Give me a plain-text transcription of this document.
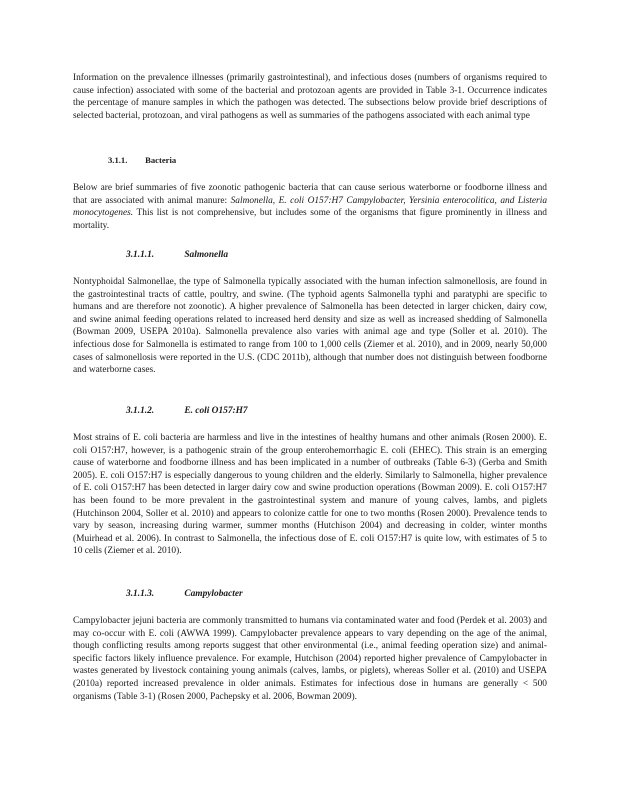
Information on the prevalence illnesses (primarily gastrointestinal), and infectious doses (numbers of organisms required to cause infection) associated with some of the bacterial and protozoan agents are provided in Table 3-1. Occurrence indicates the percentage of manure samples in which the pathogen was detected. The subsections below provide brief descriptions of selected bacterial, protozoan, and viral pathogens as well as summaries of the pathogens associated with each animal type

3.1.1. Bacteria

Below are brief summaries of five zoonotic pathogenic bacteria that can cause serious waterborne or foodborne illness and that are associated with animal manure: Salmonella, E. coli O157:H7 Campylobacter, Yersinia enterocolitica, and Listeria monocytogenes. This list is not comprehensive, but includes some of the organisms that figure prominently in illness and mortality.

3.1.1.1.	Salmonella

Nontyphoidal Salmonellae, the type of Salmonella typically associated with the human infection salmonellosis, are found in the gastrointestinal tracts of cattle, poultry, and swine. (The typhoid agents Salmonella typhi and paratyphi are specific to humans and are therefore not zoonotic). A higher prevalence of Salmonella has been detected in larger chicken, dairy cow, and swine animal feeding operations related to increased herd density and size as well as increased shedding of Salmonella (Bowman 2009, USEPA 2010a). Salmonella prevalence also varies with animal age and type (Soller et al. 2010). The infectious dose for Salmonella is estimated to range from 100 to 1,000 cells (Ziemer et al. 2010), and in 2009, nearly 50,000 cases of salmonellosis were reported in the U.S. (CDC 2011b), although that number does not distinguish between foodborne and waterborne cases.

3.1.1.2.	E. coli O157:H7

Most strains of E. coli bacteria are harmless and live in the intestines of healthy humans and other animals (Rosen 2000). E. coli O157:H7, however, is a pathogenic strain of the group enterohemorrhagic E. coli (EHEC). This strain is an emerging cause of waterborne and foodborne illness and has been implicated in a number of outbreaks (Table 6-3) (Gerba and Smith 2005). E. coli O157:H7 is especially dangerous to young children and the elderly. Similarly to Salmonella, higher prevalence of E. coli O157:H7 has been detected in larger dairy cow and swine production operations (Bowman 2009). E. coli O157:H7 has been found to be more prevalent in the gastrointestinal system and manure of young calves, lambs, and piglets (Hutchinson 2004, Soller et al. 2010) and appears to colonize cattle for one to two months (Rosen 2000). Prevalence tends to vary by season, increasing during warmer, summer months (Hutchison 2004) and decreasing in colder, winter months (Muirhead et al. 2006). In contrast to Salmonella, the infectious dose of E. coli O157:H7 is quite low, with estimates of 5 to 10 cells (Ziemer et al. 2010).

3.1.1.3.	Campylobacter

Campylobacter jejuni bacteria are commonly transmitted to humans via contaminated water and food (Perdek et al. 2003) and may co-occur with E. coli (AWWA 1999). Campylobacter prevalence appears to vary depending on the age of the animal, though conflicting results among reports suggest that other environmental (i.e., animal feeding operation size) and animal-specific factors likely influence prevalence. For example, Hutchison (2004) reported higher prevalence of Campylobacter in wastes generated by livestock containing young animals (calves, lambs, or piglets), whereas Soller et al. (2010) and USEPA (2010a) reported increased prevalence in older animals. Estimates for infectious dose in humans are generally < 500 organisms (Table 3-1) (Rosen 2000, Pachepsky et al. 2006, Bowman 2009).
